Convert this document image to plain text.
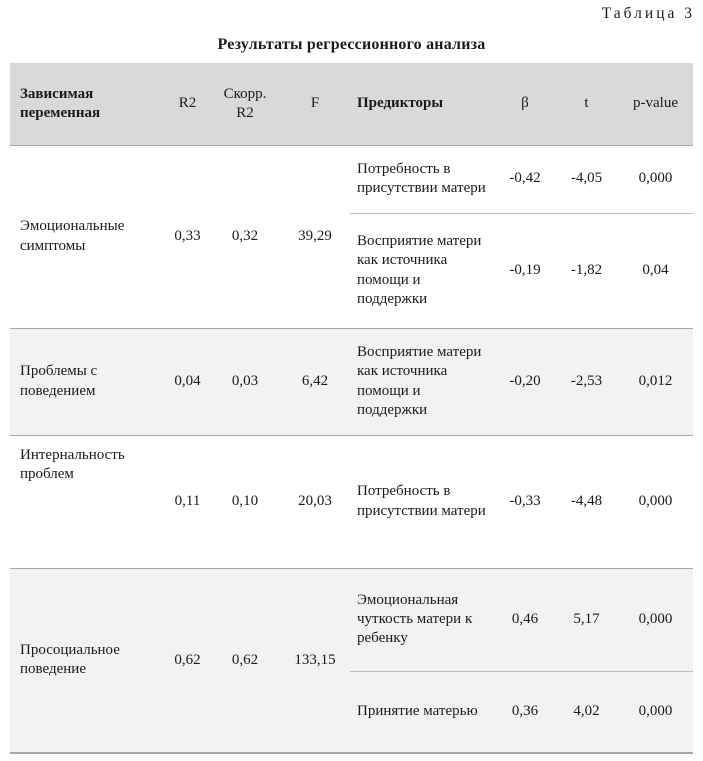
Таблица 3
Результаты регрессионного анализа
Зависимая переменная	R2	Скорр. R2	F	Предикторы	β	t	p-value
Эмоциональные симптомы	0,33	0,32	39,29	Потребность в присутствии матери	-0,42	-4,05	0,000
				Восприятие матери как источника помощи и поддержки	-0,19	-1,82	0,04
Проблемы с поведением	0,04	0,03	6,42	Восприятие матери как источника помощи и поддержки	-0,20	-2,53	0,012
Интернальность проблем	0,11	0,10	20,03	Потребность в присутствии матери	-0,33	-4,48	0,000
Просоциальное поведение	0,62	0,62	133,15	Эмоциональная чуткость матери к ребенку	0,46	5,17	0,000
				Принятие матерью	0,36	4,02	0,000
